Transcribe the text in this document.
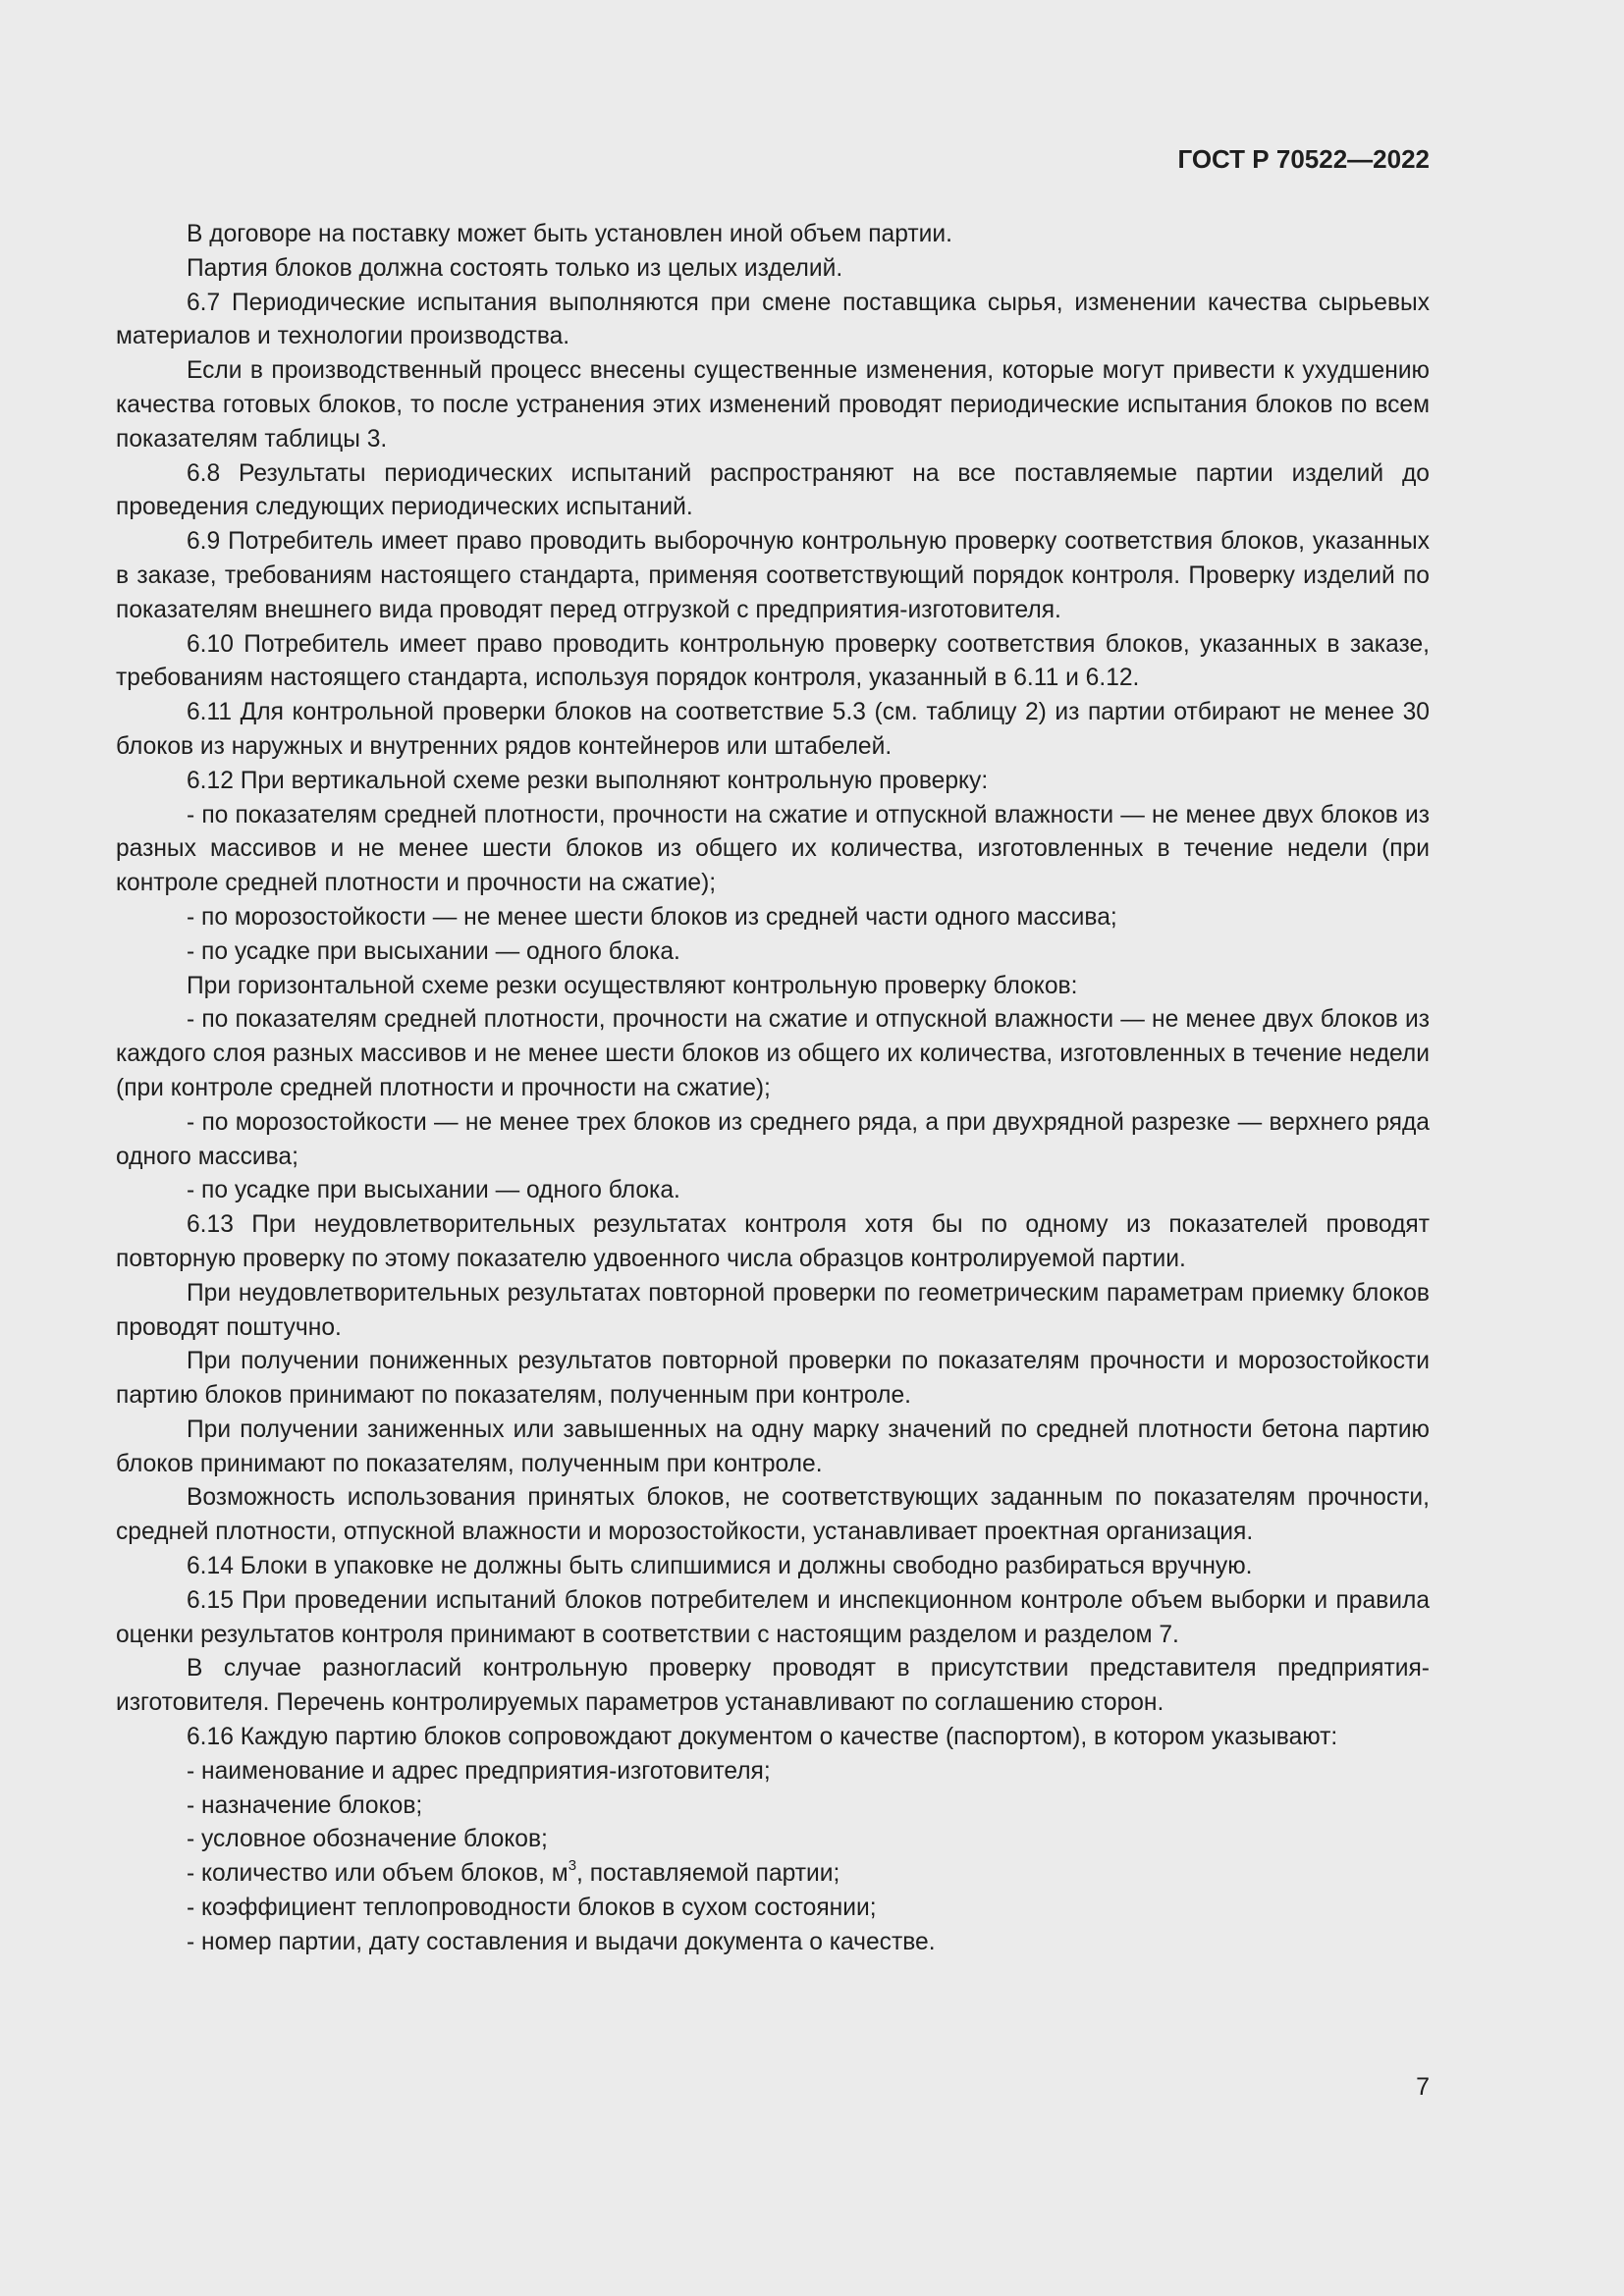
ГОСТ Р 70522—2022

В договоре на поставку может быть установлен иной объем партии.

Партия блоков должна состоять только из целых изделий.

6.7 Периодические испытания выполняются при смене поставщика сырья, изменении качества сырьевых материалов и технологии производства.

Если в производственный процесс внесены существенные изменения, которые могут привести к ухудшению качества готовых блоков, то после устранения этих изменений проводят периодические испытания блоков по всем показателям таблицы 3.

6.8 Результаты периодических испытаний распространяют на все поставляемые партии изделий до проведения следующих периодических испытаний.

6.9 Потребитель имеет право проводить выборочную контрольную проверку соответствия блоков, указанных в заказе, требованиям настоящего стандарта, применяя соответствующий порядок контроля. Проверку изделий по показателям внешнего вида проводят перед отгрузкой с предприятия-изготовителя.

6.10 Потребитель имеет право проводить контрольную проверку соответствия блоков, указанных в заказе, требованиям настоящего стандарта, используя порядок контроля, указанный в 6.11 и 6.12.

6.11 Для контрольной проверки блоков на соответствие 5.3 (см. таблицу 2) из партии отбирают не менее 30 блоков из наружных и внутренних рядов контейнеров или штабелей.

6.12 При вертикальной схеме резки выполняют контрольную проверку:

- по показателям средней плотности, прочности на сжатие и отпускной влажности — не менее двух блоков из разных массивов и не менее шести блоков из общего их количества, изготовленных в течение недели (при контроле средней плотности и прочности на сжатие);

- по морозостойкости — не менее шести блоков из средней части одного массива;

- по усадке при высыхании — одного блока.

При горизонтальной схеме резки осуществляют контрольную проверку блоков:

- по показателям средней плотности, прочности на сжатие и отпускной влажности — не менее двух блоков из каждого слоя разных массивов и не менее шести блоков из общего их количества, изготовленных в течение недели (при контроле средней плотности и прочности на сжатие);

- по морозостойкости — не менее трех блоков из среднего ряда, а при двухрядной разрезке — верхнего ряда одного массива;

- по усадке при высыхании — одного блока.

6.13 При неудовлетворительных результатах контроля хотя бы по одному из показателей проводят повторную проверку по этому показателю удвоенного числа образцов контролируемой партии.

При неудовлетворительных результатах повторной проверки по геометрическим параметрам приемку блоков проводят поштучно.

При получении пониженных результатов повторной проверки по показателям прочности и морозостойкости партию блоков принимают по показателям, полученным при контроле.

При получении заниженных или завышенных на одну марку значений по средней плотности бетона партию блоков принимают по показателям, полученным при контроле.

Возможность использования принятых блоков, не соответствующих заданным по показателям прочности, средней плотности, отпускной влажности и морозостойкости, устанавливает проектная организация.

6.14 Блоки в упаковке не должны быть слипшимися и должны свободно разбираться вручную.

6.15 При проведении испытаний блоков потребителем и инспекционном контроле объем выборки и правила оценки результатов контроля принимают в соответствии с настоящим разделом и разделом 7.

В случае разногласий контрольную проверку проводят в присутствии представителя предприятия-изготовителя. Перечень контролируемых параметров устанавливают по соглашению сторон.

6.16 Каждую партию блоков сопровождают документом о качестве (паспортом), в котором указывают:

- наименование и адрес предприятия-изготовителя;

- назначение блоков;

- условное обозначение блоков;

- количество или объем блоков, $м^3$, поставляемой партии;

- коэффициент теплопроводности блоков в сухом состоянии;

- номер партии, дату составления и выдачи документа о качестве.

7
